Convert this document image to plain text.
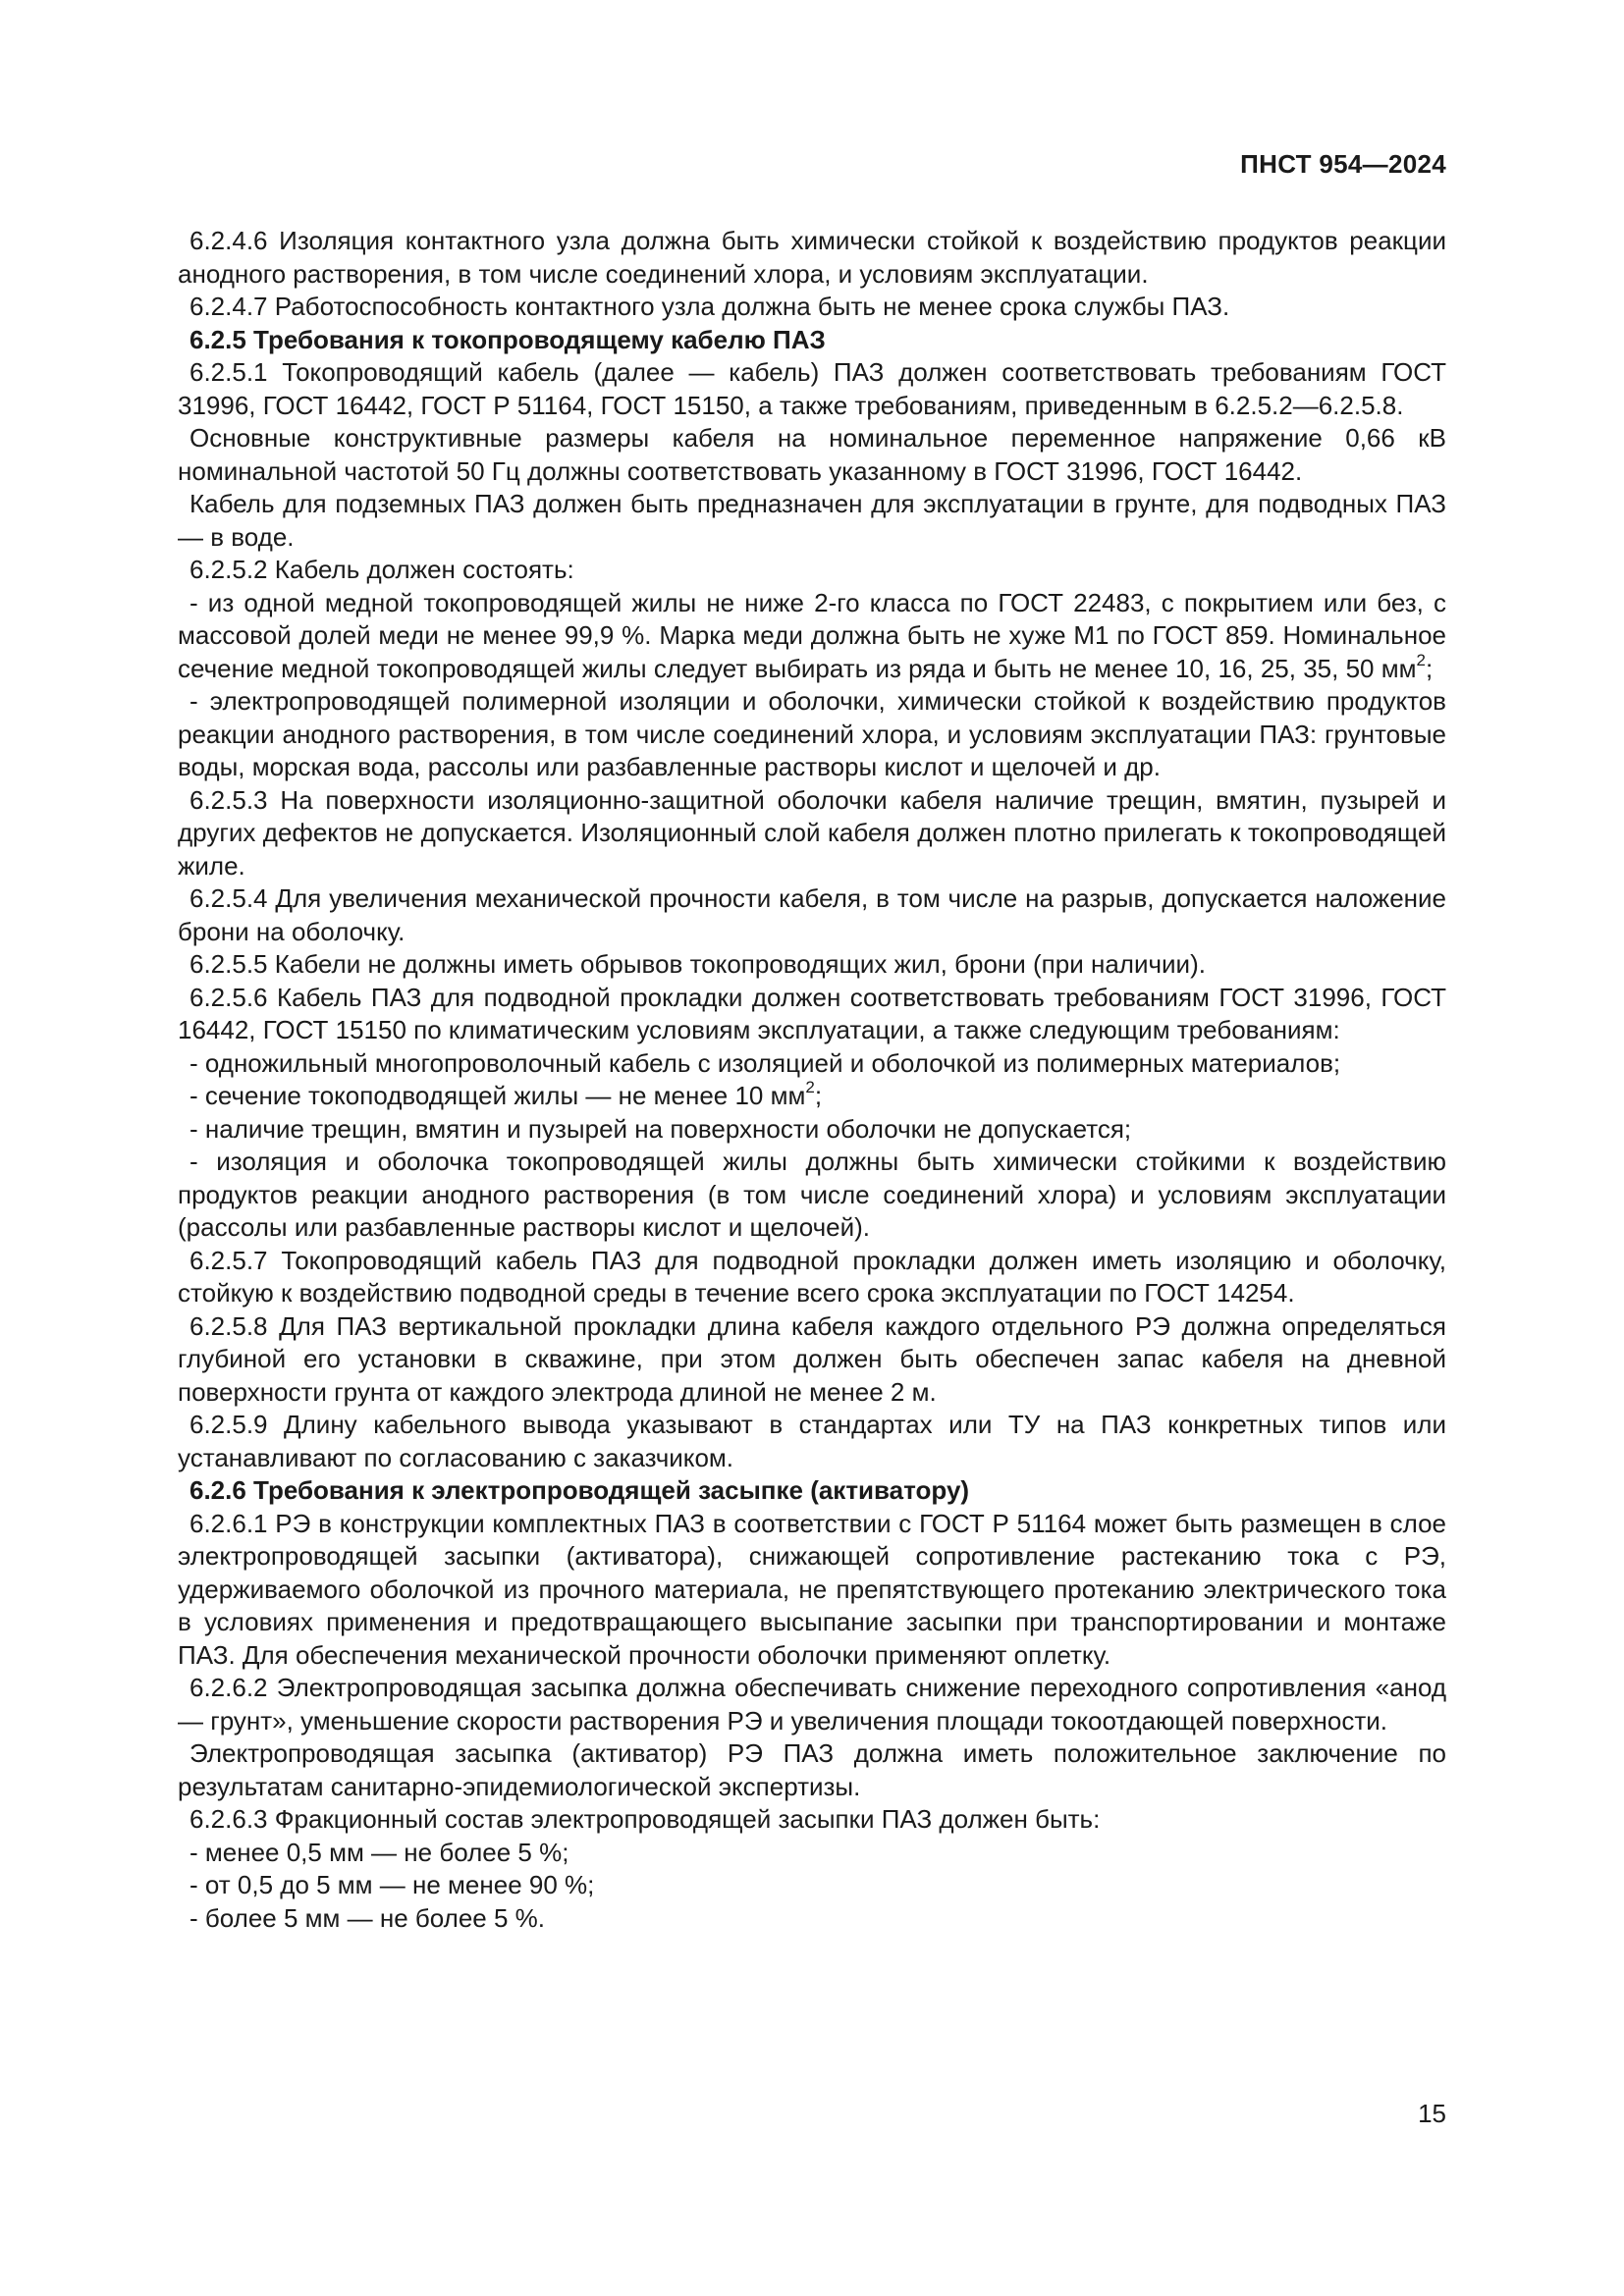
ПНСТ 954—2024

6.2.4.6 Изоляция контактного узла должна быть химически стойкой к воздействию продуктов реакции анодного растворения, в том числе соединений хлора, и условиям эксплуатации.

6.2.4.7 Работоспособность контактного узла должна быть не менее срока службы ПАЗ.

6.2.5 Требования к токопроводящему кабелю ПАЗ

6.2.5.1 Токопроводящий кабель (далее — кабель) ПАЗ должен соответствовать требованиям ГОСТ 31996, ГОСТ 16442, ГОСТ Р 51164, ГОСТ 15150, а также требованиям, приведенным в 6.2.5.2—6.2.5.8.

Основные конструктивные размеры кабеля на номинальное переменное напряжение 0,66 кВ номинальной частотой 50 Гц должны соответствовать указанному в ГОСТ 31996, ГОСТ 16442.

Кабель для подземных ПАЗ должен быть предназначен для эксплуатации в грунте, для подводных ПАЗ — в воде.

6.2.5.2 Кабель должен состоять:

- из одной медной токопроводящей жилы не ниже 2-го класса по ГОСТ 22483, с покрытием или без, с массовой долей меди не менее 99,9 %. Марка меди должна быть не хуже М1 по ГОСТ 859. Номинальное сечение медной токопроводящей жилы следует выбирать из ряда и быть не менее 10, 16, 25, 35, 50 $мм^2$;

- электропроводящей полимерной изоляции и оболочки, химически стойкой к воздействию продуктов реакции анодного растворения, в том числе соединений хлора, и условиям эксплуатации ПАЗ: грунтовые воды, морская вода, рассолы или разбавленные растворы кислот и щелочей и др.

6.2.5.3 На поверхности изоляционно-защитной оболочки кабеля наличие трещин, вмятин, пузырей и других дефектов не допускается. Изоляционный слой кабеля должен плотно прилегать к токопроводящей жиле.

6.2.5.4 Для увеличения механической прочности кабеля, в том числе на разрыв, допускается наложение брони на оболочку.

6.2.5.5 Кабели не должны иметь обрывов токопроводящих жил, брони (при наличии).

6.2.5.6 Кабель ПАЗ для подводной прокладки должен соответствовать требованиям ГОСТ 31996, ГОСТ 16442, ГОСТ 15150 по климатическим условиям эксплуатации, а также следующим требованиям:

- одножильный многопроволочный кабель с изоляцией и оболочкой из полимерных материалов;

- сечение токоподводящей жилы — не менее 10 $мм^2$;

- наличие трещин, вмятин и пузырей на поверхности оболочки не допускается;

- изоляция и оболочка токопроводящей жилы должны быть химически стойкими к воздействию продуктов реакции анодного растворения (в том числе соединений хлора) и условиям эксплуатации (рассолы или разбавленные растворы кислот и щелочей).

6.2.5.7 Токопроводящий кабель ПАЗ для подводной прокладки должен иметь изоляцию и оболочку, стойкую к воздействию подводной среды в течение всего срока эксплуатации по ГОСТ 14254.

6.2.5.8 Для ПАЗ вертикальной прокладки длина кабеля каждого отдельного РЭ должна определяться глубиной его установки в скважине, при этом должен быть обеспечен запас кабеля на дневной поверхности грунта от каждого электрода длиной не менее 2 м.

6.2.5.9 Длину кабельного вывода указывают в стандартах или ТУ на ПАЗ конкретных типов или устанавливают по согласованию с заказчиком.

6.2.6 Требования к электропроводящей засыпке (активатору)

6.2.6.1 РЭ в конструкции комплектных ПАЗ в соответствии с ГОСТ Р 51164 может быть размещен в слое электропроводящей засыпки (активатора), снижающей сопротивление растеканию тока с РЭ, удерживаемого оболочкой из прочного материала, не препятствующего протеканию электрического тока в условиях применения и предотвращающего высыпание засыпки при транспортировании и монтаже ПАЗ. Для обеспечения механической прочности оболочки применяют оплетку.

6.2.6.2 Электропроводящая засыпка должна обеспечивать снижение переходного сопротивления «анод — грунт», уменьшение скорости растворения РЭ и увеличения площади токоотдающей поверхности.

Электропроводящая засыпка (активатор) РЭ ПАЗ должна иметь положительное заключение по результатам санитарно-эпидемиологической экспертизы.

6.2.6.3 Фракционный состав электропроводящей засыпки ПАЗ должен быть:

- менее 0,5 мм — не более 5 %;

- от 0,5 до 5 мм — не менее 90 %;

- более 5 мм — не более 5 %.

15
